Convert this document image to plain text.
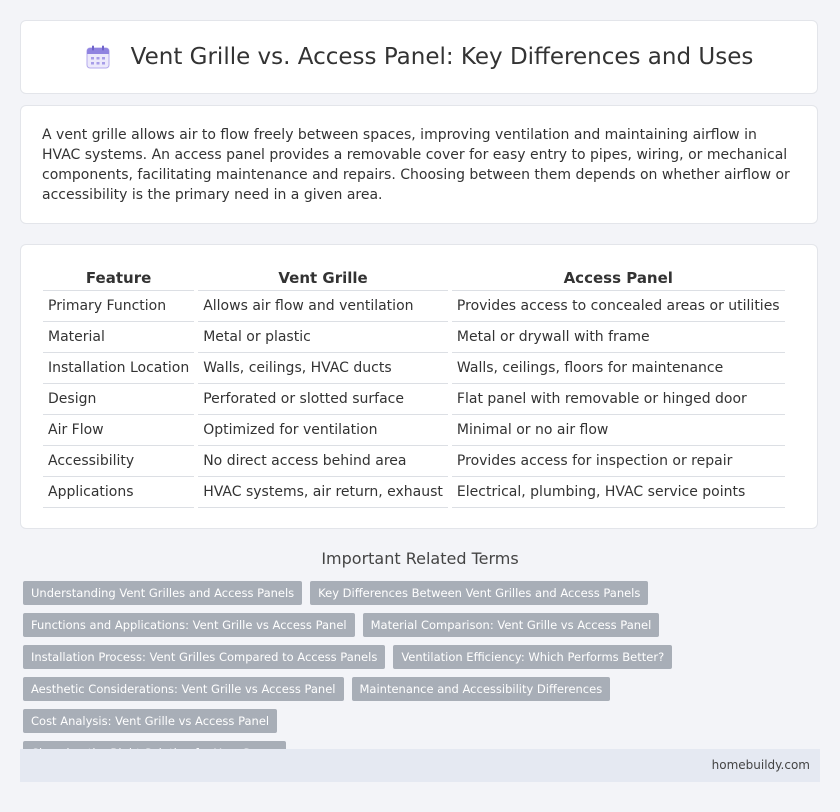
Vent Grille vs. Access Panel: Key Differences and Uses

A vent grille allows air to flow freely between spaces, improving ventilation and maintaining airflow in HVAC systems. An access panel provides a removable cover for easy entry to pipes, wiring, or mechanical components, facilitating maintenance and repairs. Choosing between them depends on whether airflow or accessibility is the primary need in a given area.

Feature	Vent Grille	Access Panel
Primary Function	Allows air flow and ventilation	Provides access to concealed areas or utilities
Material	Metal or plastic	Metal or drywall with frame
Installation Location	Walls, ceilings, HVAC ducts	Walls, ceilings, floors for maintenance
Design	Perforated or slotted surface	Flat panel with removable or hinged door
Air Flow	Optimized for ventilation	Minimal or no air flow
Accessibility	No direct access behind area	Provides access for inspection or repair
Applications	HVAC systems, air return, exhaust	Electrical, plumbing, HVAC service points
Important Related Terms
Understanding Vent Grilles and Access Panels	Key Differences Between Vent Grilles and Access Panels
Functions and Applications: Vent Grille vs Access Panel	Material Comparison: Vent Grille vs Access Panel
Installation Process: Vent Grilles Compared to Access Panels	Ventilation Efficiency: Which Performs Better?
Aesthetic Considerations: Vent Grille vs Access Panel	Maintenance and Accessibility Differences
Cost Analysis: Vent Grille vs Access Panel
homebuildy.com
